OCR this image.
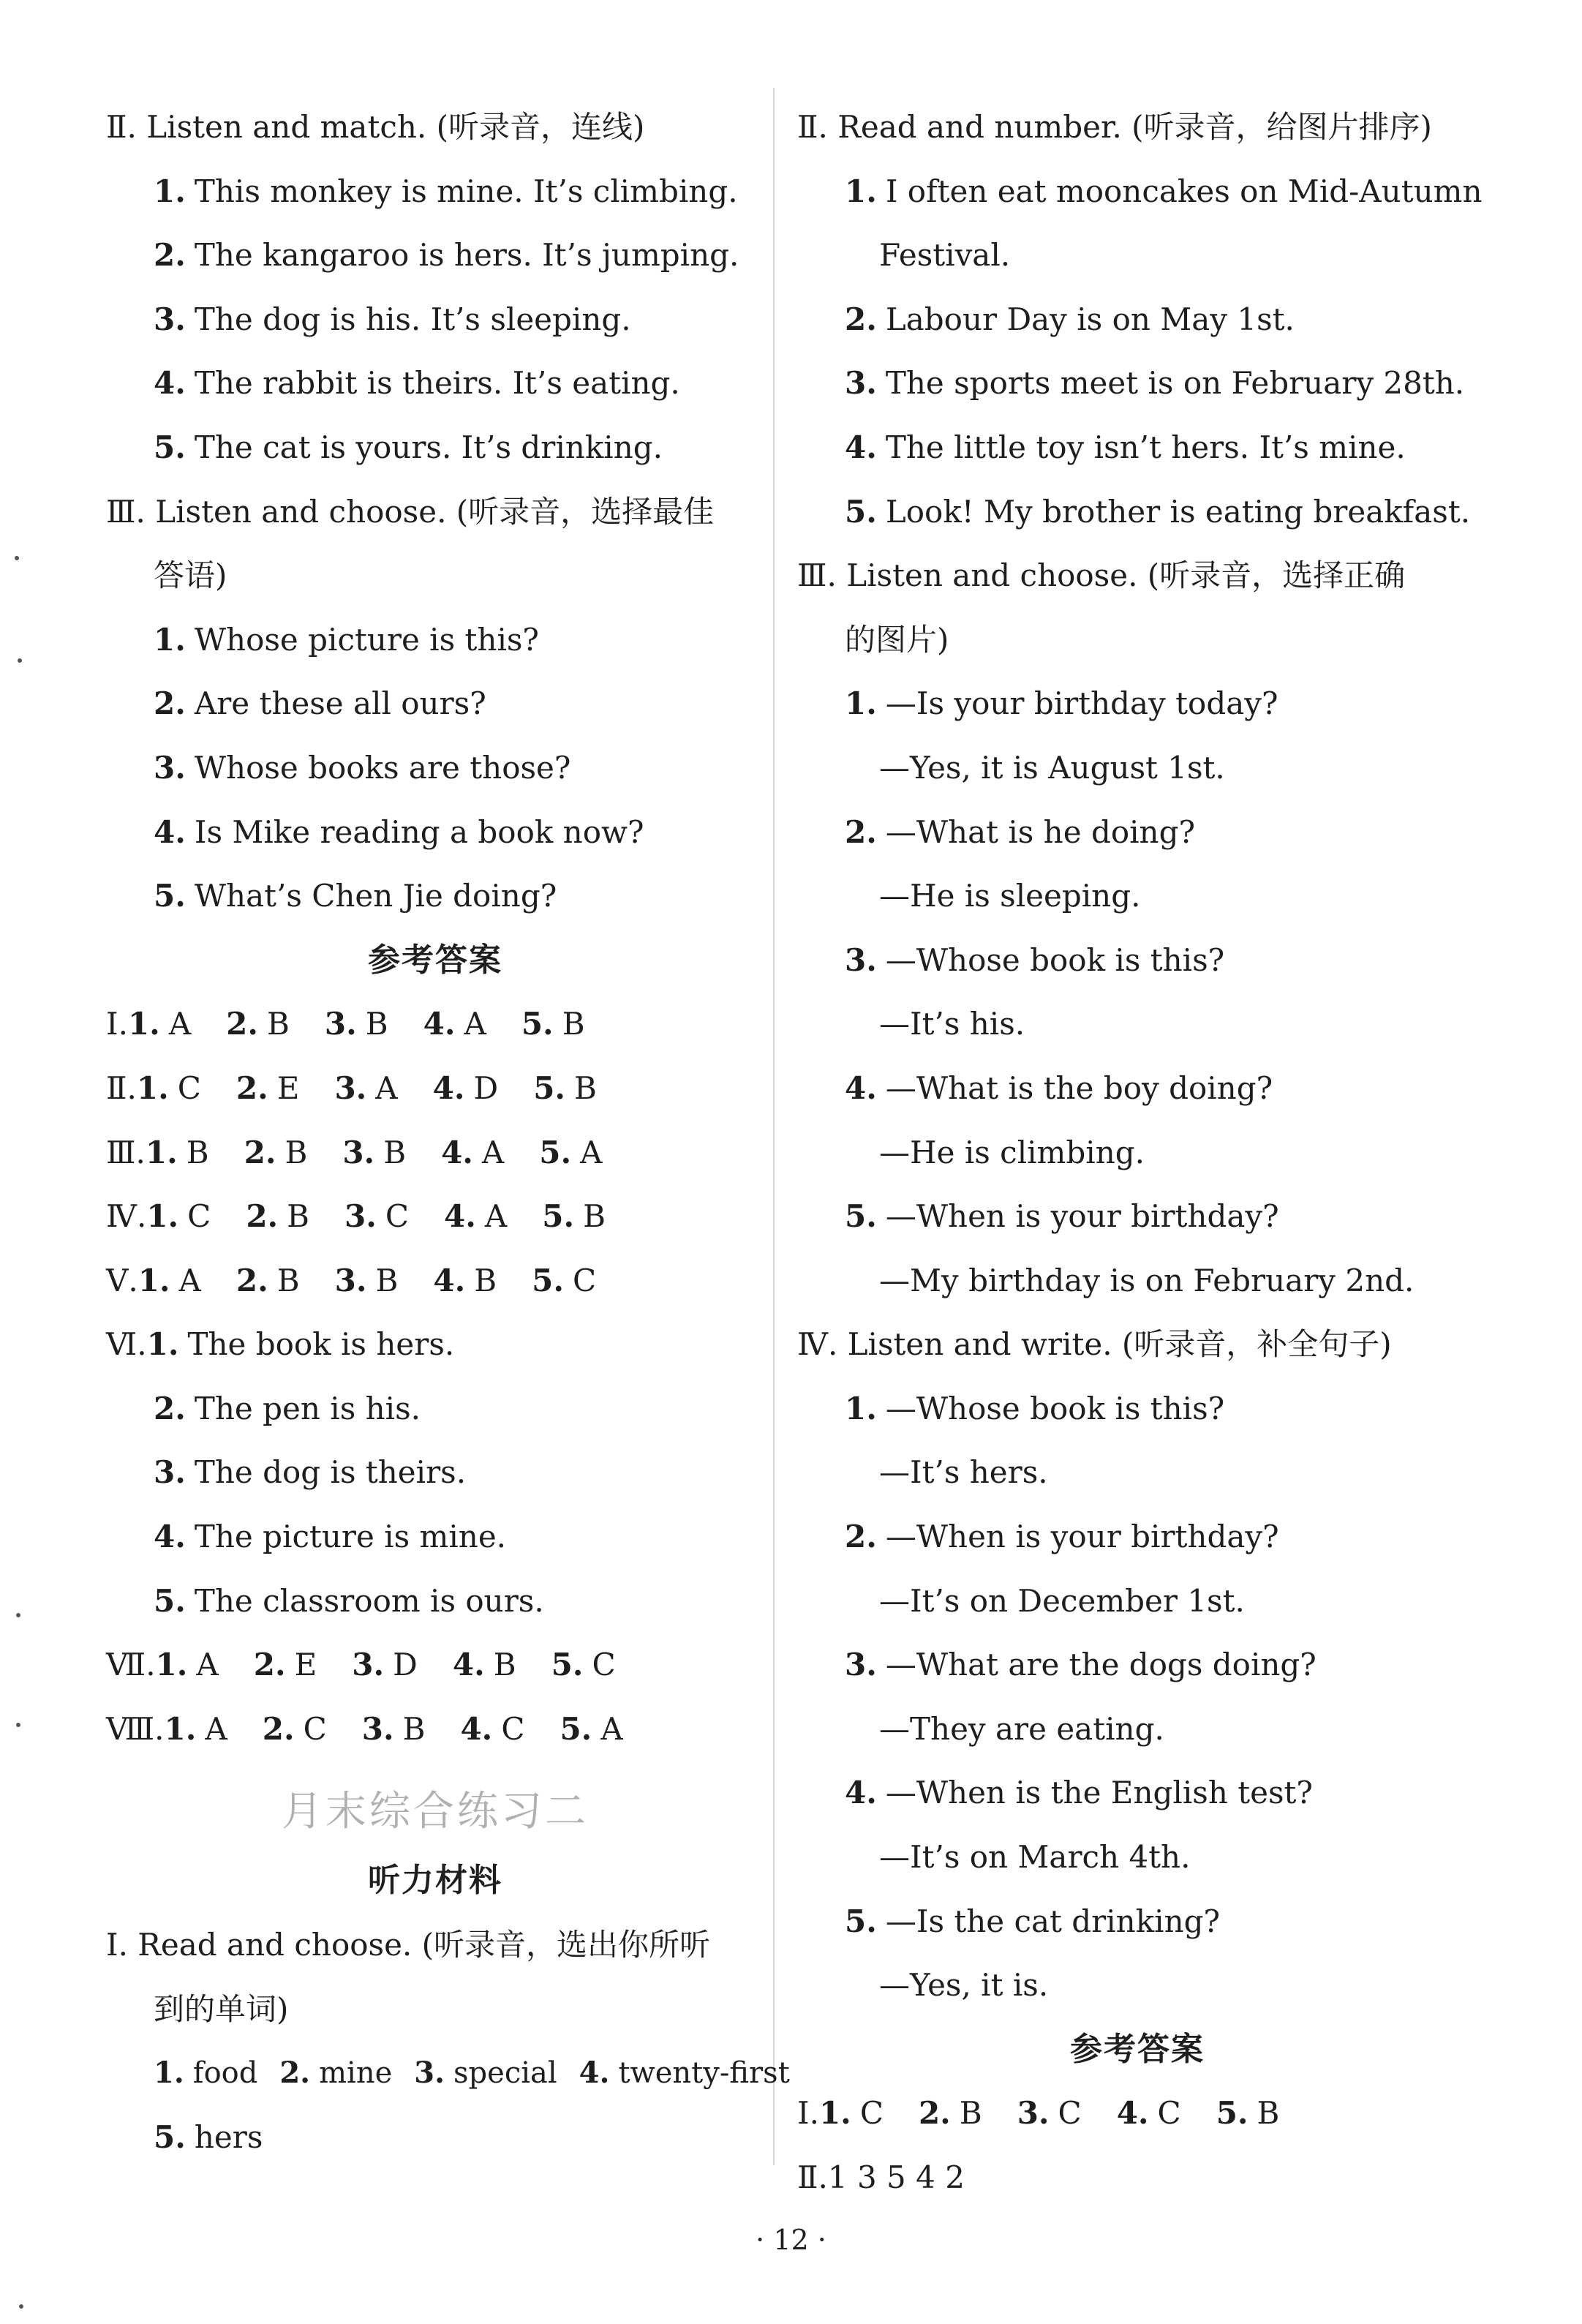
Ⅱ. Listen and match. (听录音，连线)
1. This monkey is mine. It’s climbing.
2. The kangaroo is hers. It’s jumping.
3. The dog is his. It’s sleeping.
4. The rabbit is theirs. It’s eating.
5. The cat is yours. It’s drinking.
Ⅲ. Listen and choose. (听录音，选择最佳
答语)
1. Whose picture is this?
2. Are these all ours?
3. Whose books are those?
4. Is Mike reading a book now?
5. What’s Chen Jie doing?
参考答案
Ⅰ.1. A 2. B 3. B 4. A 5. B
Ⅱ.1. C 2. E 3. A 4. D 5. B
Ⅲ.1. B 2. B 3. B 4. A 5. A
Ⅳ.1. C 2. B 3. C 4. A 5. B
Ⅴ.1. A 2. B 3. B 4. B 5. C
Ⅵ.1. The book is hers.
2. The pen is his.
3. The dog is theirs.
4. The picture is mine.
5. The classroom is ours.
Ⅶ.1. A 2. E 3. D 4. B 5. C
Ⅷ.1. A 2. C 3. B 4. C 5. A
月末综合练习二
听力材料
Ⅰ. Read and choose. (听录音，选出你所听
到的单词)
1. food 2. mine 3. special 4. twenty-first
5. hers
Ⅱ. Read and number. (听录音，给图片排序)
1. I often eat mooncakes on Mid-Autumn
Festival.
2. Labour Day is on May 1st.
3. The sports meet is on February 28th.
4. The little toy isn’t hers. It’s mine.
5. Look! My brother is eating breakfast.
Ⅲ. Listen and choose. (听录音，选择正确
的图片)
1. —Is your birthday today?
—Yes, it is August 1st.
2. —What is he doing?
—He is sleeping.
3. —Whose book is this?
—It’s his.
4. —What is the boy doing?
—He is climbing.
5. —When is your birthday?
—My birthday is on February 2nd.
Ⅳ. Listen and write. (听录音，补全句子)
1. —Whose book is this?
—It’s hers.
2. —When is your birthday?
—It’s on December 1st.
3. —What are the dogs doing?
—They are eating.
4. —When is the English test?
—It’s on March 4th.
5. —Is the cat drinking?
—Yes, it is.
参考答案
Ⅰ.1. C 2. B 3. C 4. C 5. B
Ⅱ.1 3 5 4 2
· 12 ·
